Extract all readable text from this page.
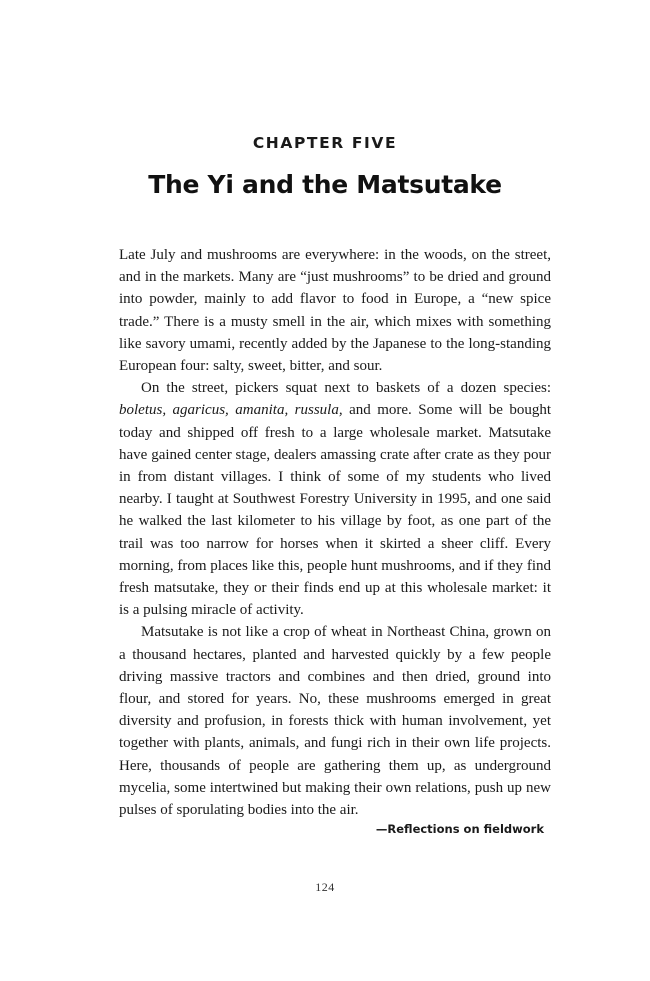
CHAPTER FIVE
The Yi and the Matsutake

Late July and mushrooms are everywhere: in the woods, on the street, and in the markets. Many are “just mushrooms” to be dried and ground into powder, mainly to add flavor to food in Europe, a “new spice trade.” There is a musty smell in the air, which mixes with something like savory umami, recently added by the Japanese to the long-standing European four: salty, sweet, bitter, and sour.

On the street, pickers squat next to baskets of a dozen species: boletus, agaricus, amanita, russula, and more. Some will be bought today and shipped off fresh to a large wholesale market. Matsutake have gained center stage, dealers amassing crate after crate as they pour in from distant villages. I think of some of my students who lived nearby. I taught at Southwest Forestry University in 1995, and one said he walked the last kilometer to his village by foot, as one part of the trail was too narrow for horses when it skirted a sheer cliff. Every morning, from places like this, people hunt mushrooms, and if they find fresh matsutake, they or their finds end up at this wholesale market: it is a pulsing miracle of activity.

Matsutake is not like a crop of wheat in Northeast China, grown on a thousand hectares, planted and harvested quickly by a few people driving massive tractors and combines and then dried, ground into flour, and stored for years. No, these mushrooms emerged in great diversity and profusion, in forests thick with human involvement, yet together with plants, animals, and fungi rich in their own life projects. Here, thousands of people are gathering them up, as underground mycelia, some intertwined but making their own relations, push up new pulses of sporulating bodies into the air.

—Reflections on fieldwork
124
